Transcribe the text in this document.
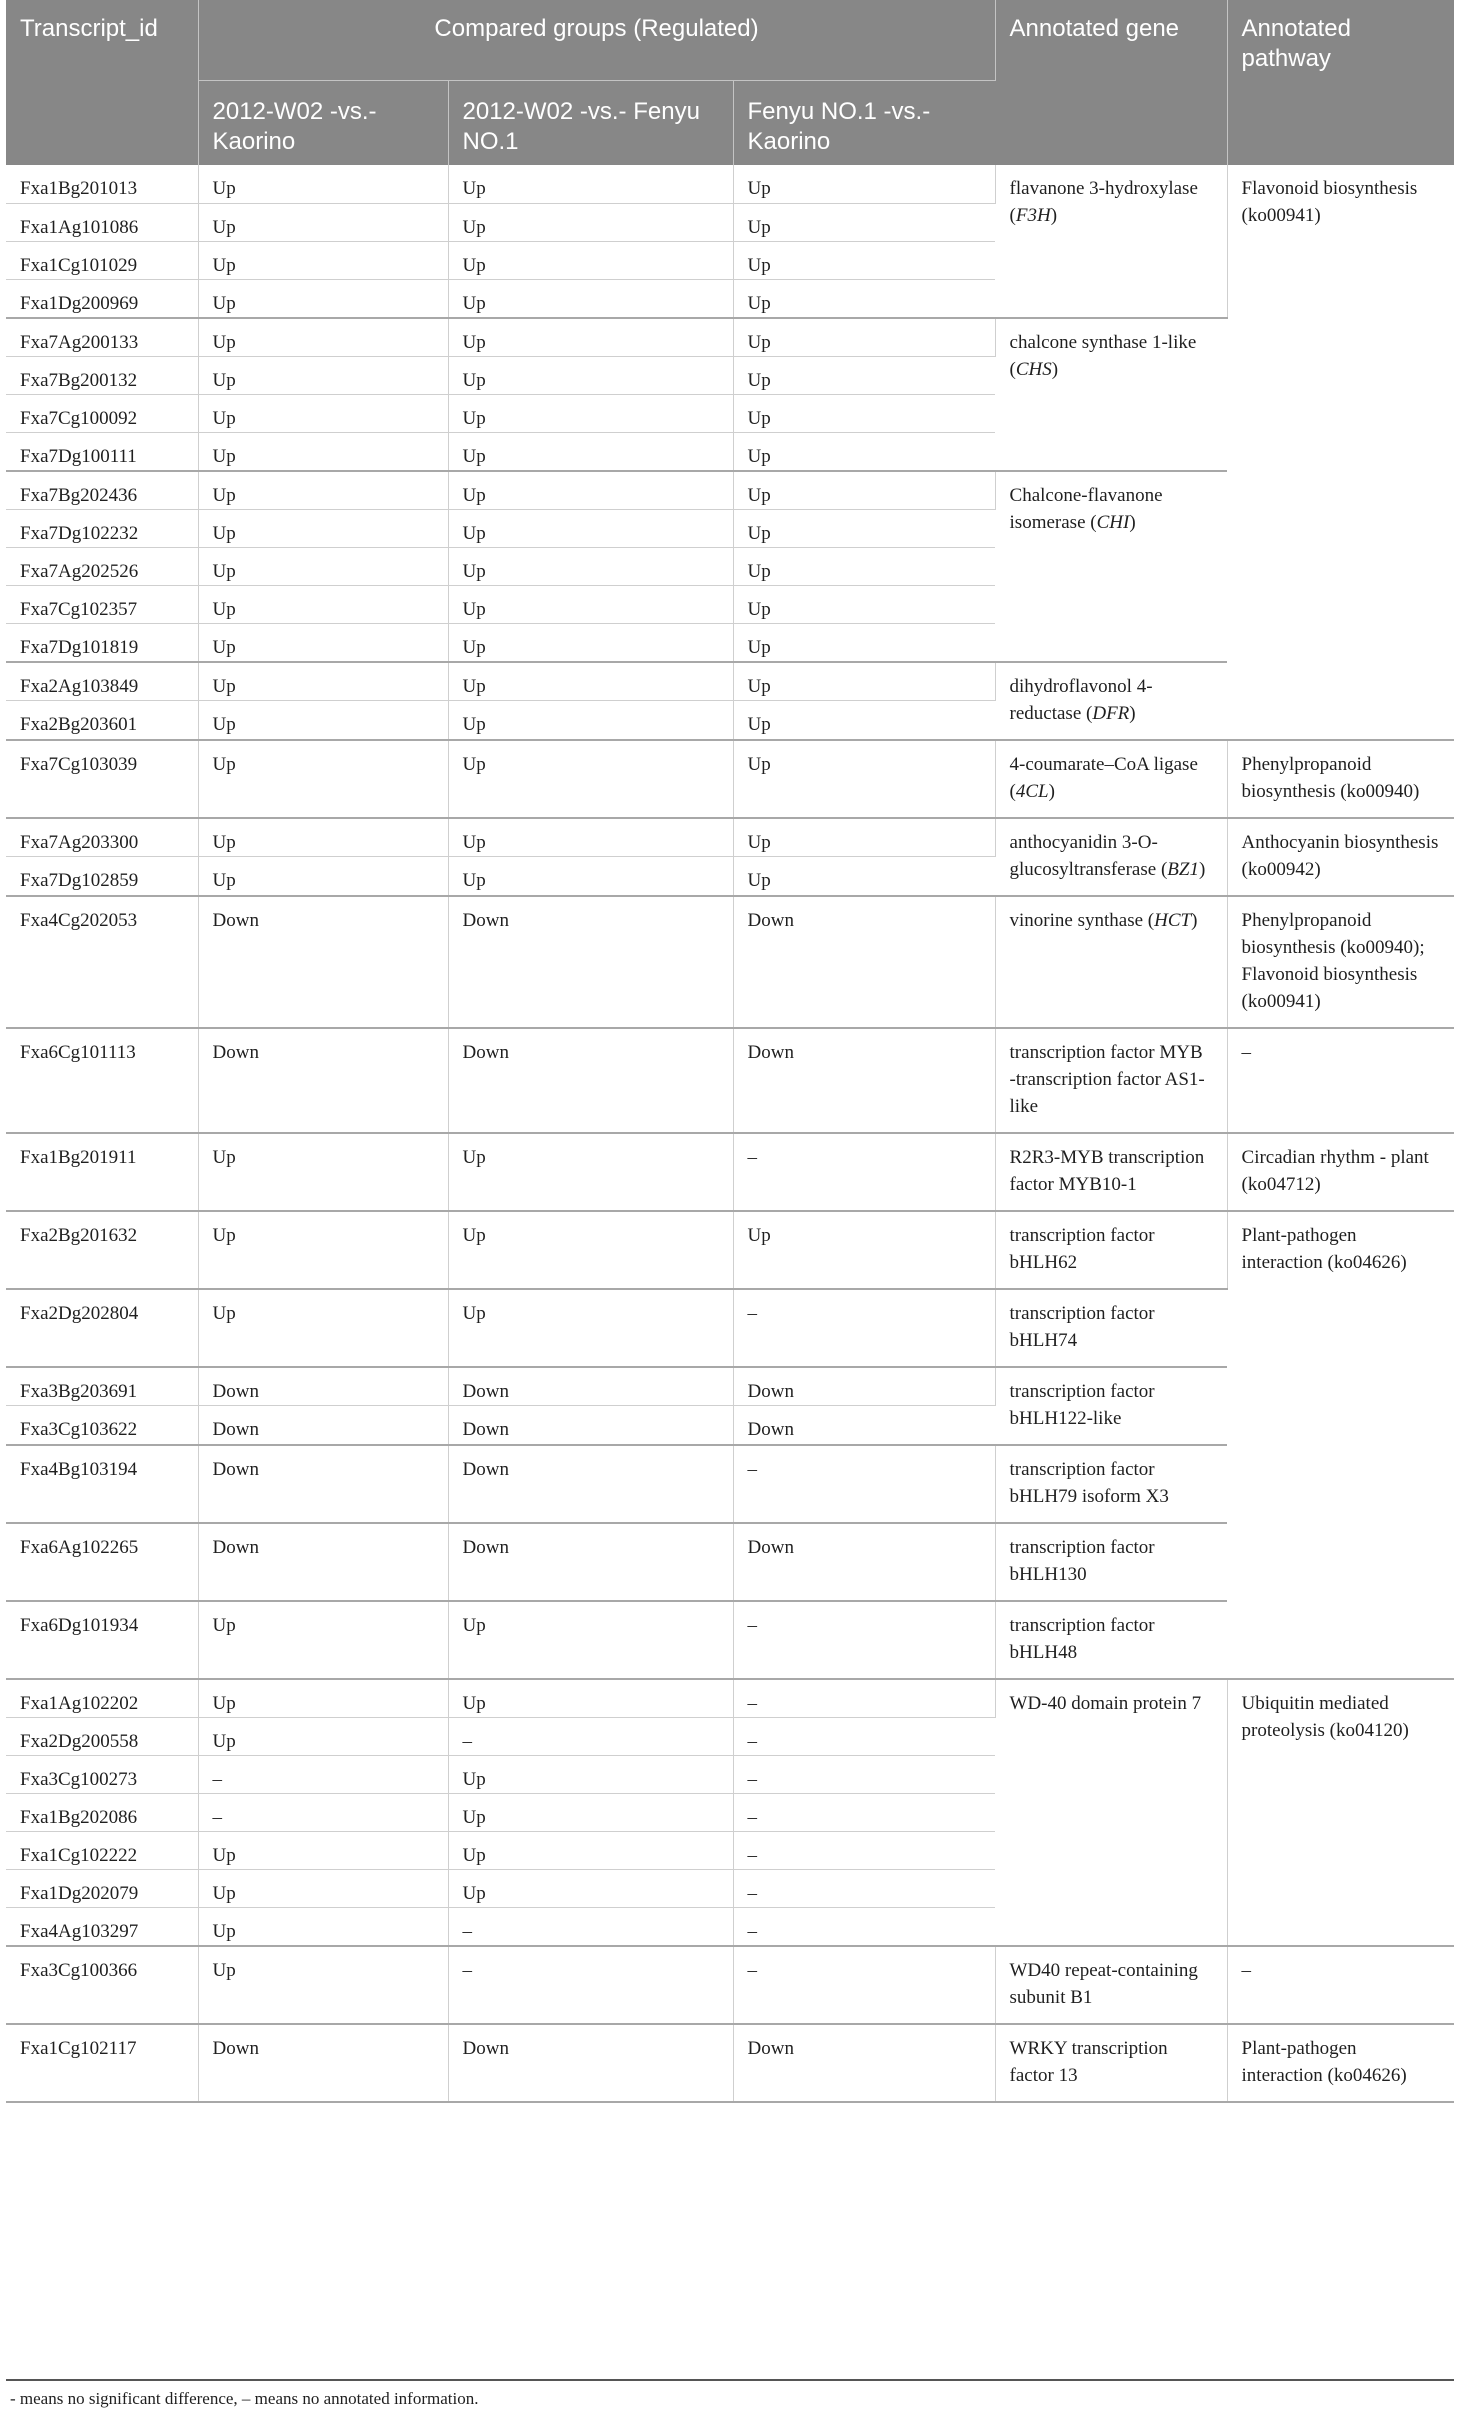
Transcript_id	Compared groups (Regulated)			Annotated gene	Annotated pathway
	2012-W02 -vs.- Kaorino	2012-W02 -vs.- Fenyu NO.1	Fenyu NO.1 -vs.- Kaorino		
Fxa1Bg201013	Up	Up	Up	flavanone 3-hydroxylase (F3H)	Flavonoid biosynthesis (ko00941)
Fxa1Ag101086	Up	Up	Up		
Fxa1Cg101029	Up	Up	Up		
Fxa1Dg200969	Up	Up	Up		
Fxa7Ag200133	Up	Up	Up	chalcone synthase 1-like (CHS)	
Fxa7Bg200132	Up	Up	Up		
Fxa7Cg100092	Up	Up	Up		
Fxa7Dg100111	Up	Up	Up		
Fxa7Bg202436	Up	Up	Up	Chalcone-flavanone isomerase (CHI)	
Fxa7Dg102232	Up	Up	Up		
Fxa7Ag202526	Up	Up	Up		
Fxa7Cg102357	Up	Up	Up		
Fxa7Dg101819	Up	Up	Up		
Fxa2Ag103849	Up	Up	Up	dihydroflavonol 4-reductase (DFR)	
Fxa2Bg203601	Up	Up	Up		
Fxa7Cg103039	Up	Up	Up	4-coumarate–CoA ligase (4CL)	Phenylpropanoid biosynthesis (ko00940)
Fxa7Ag203300	Up	Up	Up	anthocyanidin 3-O-glucosyltransferase (BZ1)	Anthocyanin biosynthesis (ko00942)
Fxa7Dg102859	Up	Up	Up		
Fxa4Cg202053	Down	Down	Down	vinorine synthase (HCT)	Phenylpropanoid biosynthesis (ko00940); Flavonoid biosynthesis (ko00941)
Fxa6Cg101113	Down	Down	Down	transcription factor MYB -transcription factor AS1-like	–
Fxa1Bg201911	Up	Up	–	R2R3-MYB transcription factor MYB10-1	Circadian rhythm - plant (ko04712)
Fxa2Bg201632	Up	Up	Up	transcription factor bHLH62	Plant-pathogen interaction (ko04626)
Fxa2Dg202804	Up	Up	–	transcription factor bHLH74	
Fxa3Bg203691	Down	Down	Down	transcription factor bHLH122-like	
Fxa3Cg103622	Down	Down	Down		
Fxa4Bg103194	Down	Down	–	transcription factor bHLH79 isoform X3	
Fxa6Ag102265	Down	Down	Down	transcription factor bHLH130	
Fxa6Dg101934	Up	Up	–	transcription factor bHLH48	
Fxa1Ag102202	Up	Up	–	WD-40 domain protein 7	Ubiquitin mediated proteolysis (ko04120)
Fxa2Dg200558	Up	–	–		
Fxa3Cg100273	–	Up	–		
Fxa1Bg202086	–	Up	–		
Fxa1Cg102222	Up	Up	–		
Fxa1Dg202079	Up	Up	–		
Fxa4Ag103297	Up	–	–		
Fxa3Cg100366	Up	–	–	WD40 repeat-containing subunit B1	–
Fxa1Cg102117	Down	Down	Down	WRKY transcription factor 13	Plant-pathogen interaction (ko04626)
- means no significant difference, – means no annotated information.
